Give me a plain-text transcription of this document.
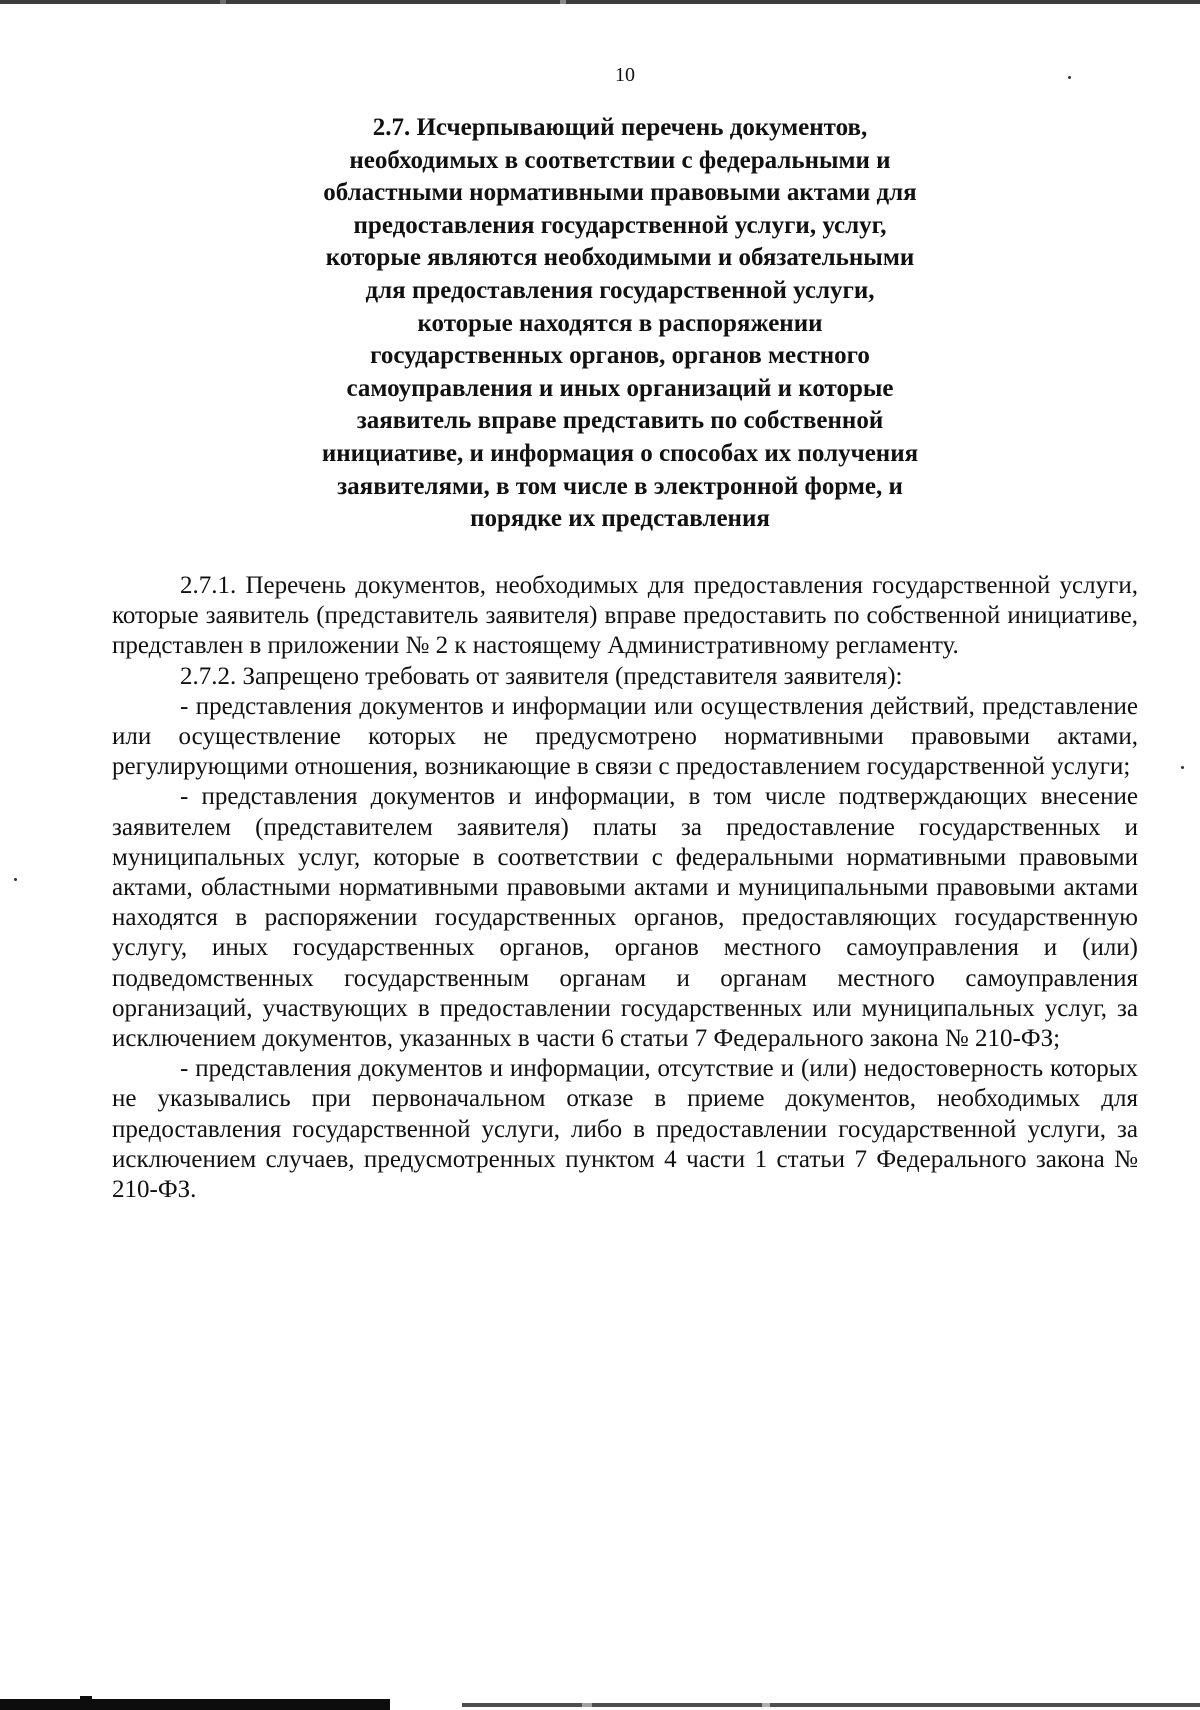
10
2.7. Исчерпывающий перечень документов,
необходимых в соответствии с федеральными и
областными нормативными правовыми актами для
предоставления государственной услуги, услуг,
которые являются необходимыми и обязательными
для предоставления государственной услуги,
которые находятся в распоряжении
государственных органов, органов местного
самоуправления и иных организаций и которые
заявитель вправе представить по собственной
инициативе, и информация о способах их получения
заявителями, в том числе в электронной форме, и
порядке их представления

2.7.1. Перечень документов, необходимых для предоставления государственной услуги, которые заявитель (представитель заявителя) вправе предоставить по собственной инициативе, представлен в приложении № 2 к настоящему Административному регламенту.

2.7.2. Запрещено требовать от заявителя (представителя заявителя):

- представления документов и информации или осуществления действий, представление или осуществление которых не предусмотрено нормативными правовыми актами, регулирующими отношения, возникающие в связи с предоставлением государственной услуги;

- представления документов и информации, в том числе подтверждающих внесение заявителем (представителем заявителя) платы за предоставление государственных и муниципальных услуг, которые в соответствии с федеральными нормативными правовыми актами, областными нормативными правовыми актами и муниципальными правовыми актами находятся в распоряжении государственных органов, предоставляющих государственную услугу, иных государственных органов, органов местного самоуправления и (или) подведомственных государственным органам и органам местного самоуправления организаций, участвующих в предоставлении государственных или муниципальных услуг, за исключением документов, указанных в части 6 статьи 7 Федерального закона № 210-ФЗ;

- представления документов и информации, отсутствие и (или) недостоверность которых не указывались при первоначальном отказе в приеме документов, необходимых для предоставления государственной услуги, либо в предоставлении государственной услуги, за исключением случаев, предусмотренных пунктом 4 части 1 статьи 7 Федерального закона № 210-ФЗ.
